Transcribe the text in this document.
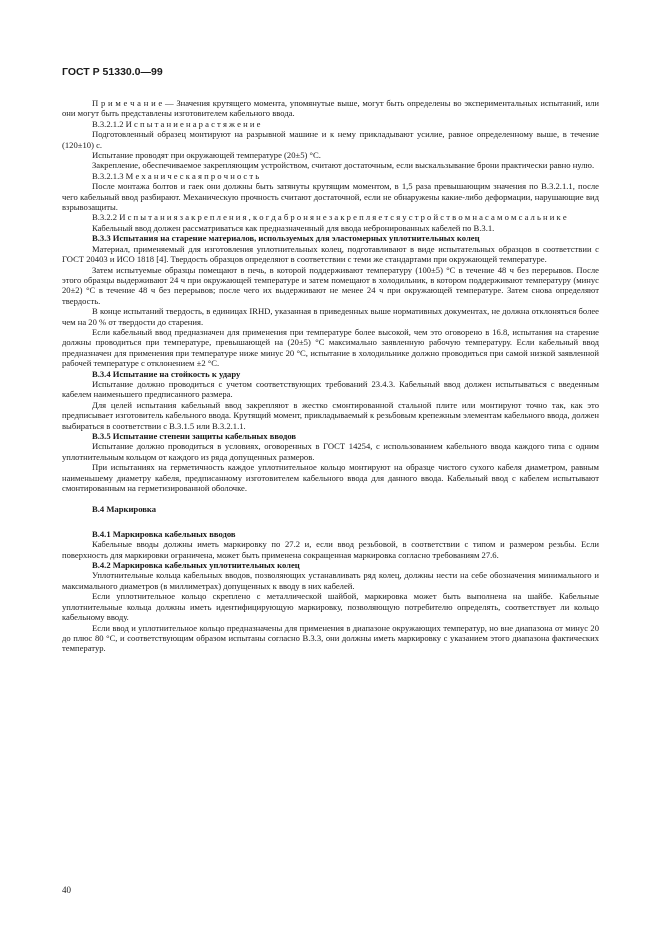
ГОСТ Р 51330.0—99

П р и м е ч а н и е — Значения крутящего момента, упомянутые выше, могут быть определены во экспериментальных испытаний, или они могут быть представлены изготовителем кабельного ввода.

В.3.2.1.2 И с п ы т а н и е н а р а с т я ж е н и е

Подготовленный образец монтируют на разрывной машине и к нему прикладывают усилие, равное определенному выше, в течение (120±10) с.

Испытание проводят при окружающей температуре (20±5) °С.

Закрепление, обеспечиваемое закрепляющим устройством, считают достаточным, если выскальзывание брони практически равно нулю.

В.3.2.1.3 М е х а н и ч е с к а я п р о ч н о с т ь

После монтажа болтов и гаек они должны быть затянуты крутящим моментом, в 1,5 раза превышающим значения по В.3.2.1.1, после чего кабельный ввод разбирают. Механическую прочность считают достаточной, если не обнаружены какие-либо деформации, нарушающие вид взрывозащиты.

В.3.2.2 И с п ы т а н и я з а к р е п л е н и я , к о г д а б р о н я н е з а к р е п л я е т с я у с т р о й с т в о м н а с а м о м с а л ь н и к е

Кабельный ввод должен рассматриваться как предназначенный для ввода небронированных кабелей по В.3.1.

В.3.3 Испытания на старение материалов, используемых для эластомерных уплотнительных колец

Материал, применяемый для изготовления уплотнительных колец, подготавливают в виде испытательных образцов в соответствии с ГОСТ 20403 и ИСО 1818 [4]. Твердость образцов определяют в соответствии с теми же стандартами при окружающей температуре.

Затем испытуемые образцы помещают в печь, в которой поддерживают температуру (100±5) °С в течение 48 ч без перерывов. После этого образцы выдерживают 24 ч при окружающей температуре и затем помещают в холодильник, в котором поддерживают температуру (минус 20±2) °С в течение 48 ч без перерывов; после чего их выдерживают не менее 24 ч при окружающей температуре. Затем снова определяют твердость.

В конце испытаний твердость, в единицах IRHD, указанная в приведенных выше нормативных документах, не должна отклоняться более чем на 20 % от твердости до старения.

Если кабельный ввод предназначен для применения при температуре более высокой, чем это оговорено в 16.8, испытания на старение должны проводиться при температуре, превышающей на (20±5) °С максимально заявленную рабочую температуру. Если кабельный ввод предназначен для применения при температуре ниже минус 20 °С, испытание в холодильнике должно проводиться при самой низкой заявленной рабочей температуре с отклонением ±2 °С.

В.3.4 Испытание на стойкость к удару

Испытание должно проводиться с учетом соответствующих требований 23.4.3. Кабельный ввод должен испытываться с введенным кабелем наименьшего предписанного размера.

Для целей испытания кабельный ввод закрепляют в жестко смонтированной стальной плите или монтируют точно так, как это предписывает изготовитель кабельного ввода. Крутящий момент, прикладываемый к резьбовым крепежным элементам кабельного ввода, должен выбираться в соответствии с В.3.1.5 или В.3.2.1.1.

В.3.5 Испытание степени защиты кабельных вводов

Испытание должно проводиться в условиях, оговоренных в ГОСТ 14254, с использованием кабельного ввода каждого типа с одним уплотнительным кольцом от каждого из ряда допущенных размеров.

При испытаниях на герметичность каждое уплотнительное кольцо монтируют на образце чистого сухого кабеля диаметром, равным наименьшему диаметру кабеля, предписанному изготовителем кабельного ввода для данного ввода. Кабельный ввод с кабелем испытывают смонтированным на герметизированной оболочке.

В.4 Маркировка

В.4.1 Маркировка кабельных вводов

Кабельные вводы должны иметь маркировку по 27.2 и, если ввод резьбовой, в соответствии с типом и размером резьбы. Если поверхность для маркировки ограничена, может быть применена сокращенная маркировка согласно требованиям 27.6.

В.4.2 Маркировка кабельных уплотнительных колец

Уплотнительные кольца кабельных вводов, позволяющих устанавливать ряд колец, должны нести на себе обозначения минимального и максимального диаметров (в миллиметрах) допущенных к вводу в них кабелей.

Если уплотнительное кольцо скреплено с металлической шайбой, маркировка может быть выполнена на шайбе. Кабельные уплотнительные кольца должны иметь идентифицирующую маркировку, позволяющую потребителю определять, соответствует ли кольцо кабельному вводу.

Если ввод и уплотнительное кольцо предназначены для применения в диапазоне окружающих температур, но вне диапазона от минус 20 до плюс 80 °С, и соответствующим образом испытаны согласно В.3.3, они должны иметь маркировку с указанием этого диапазона фактических температур.

40
